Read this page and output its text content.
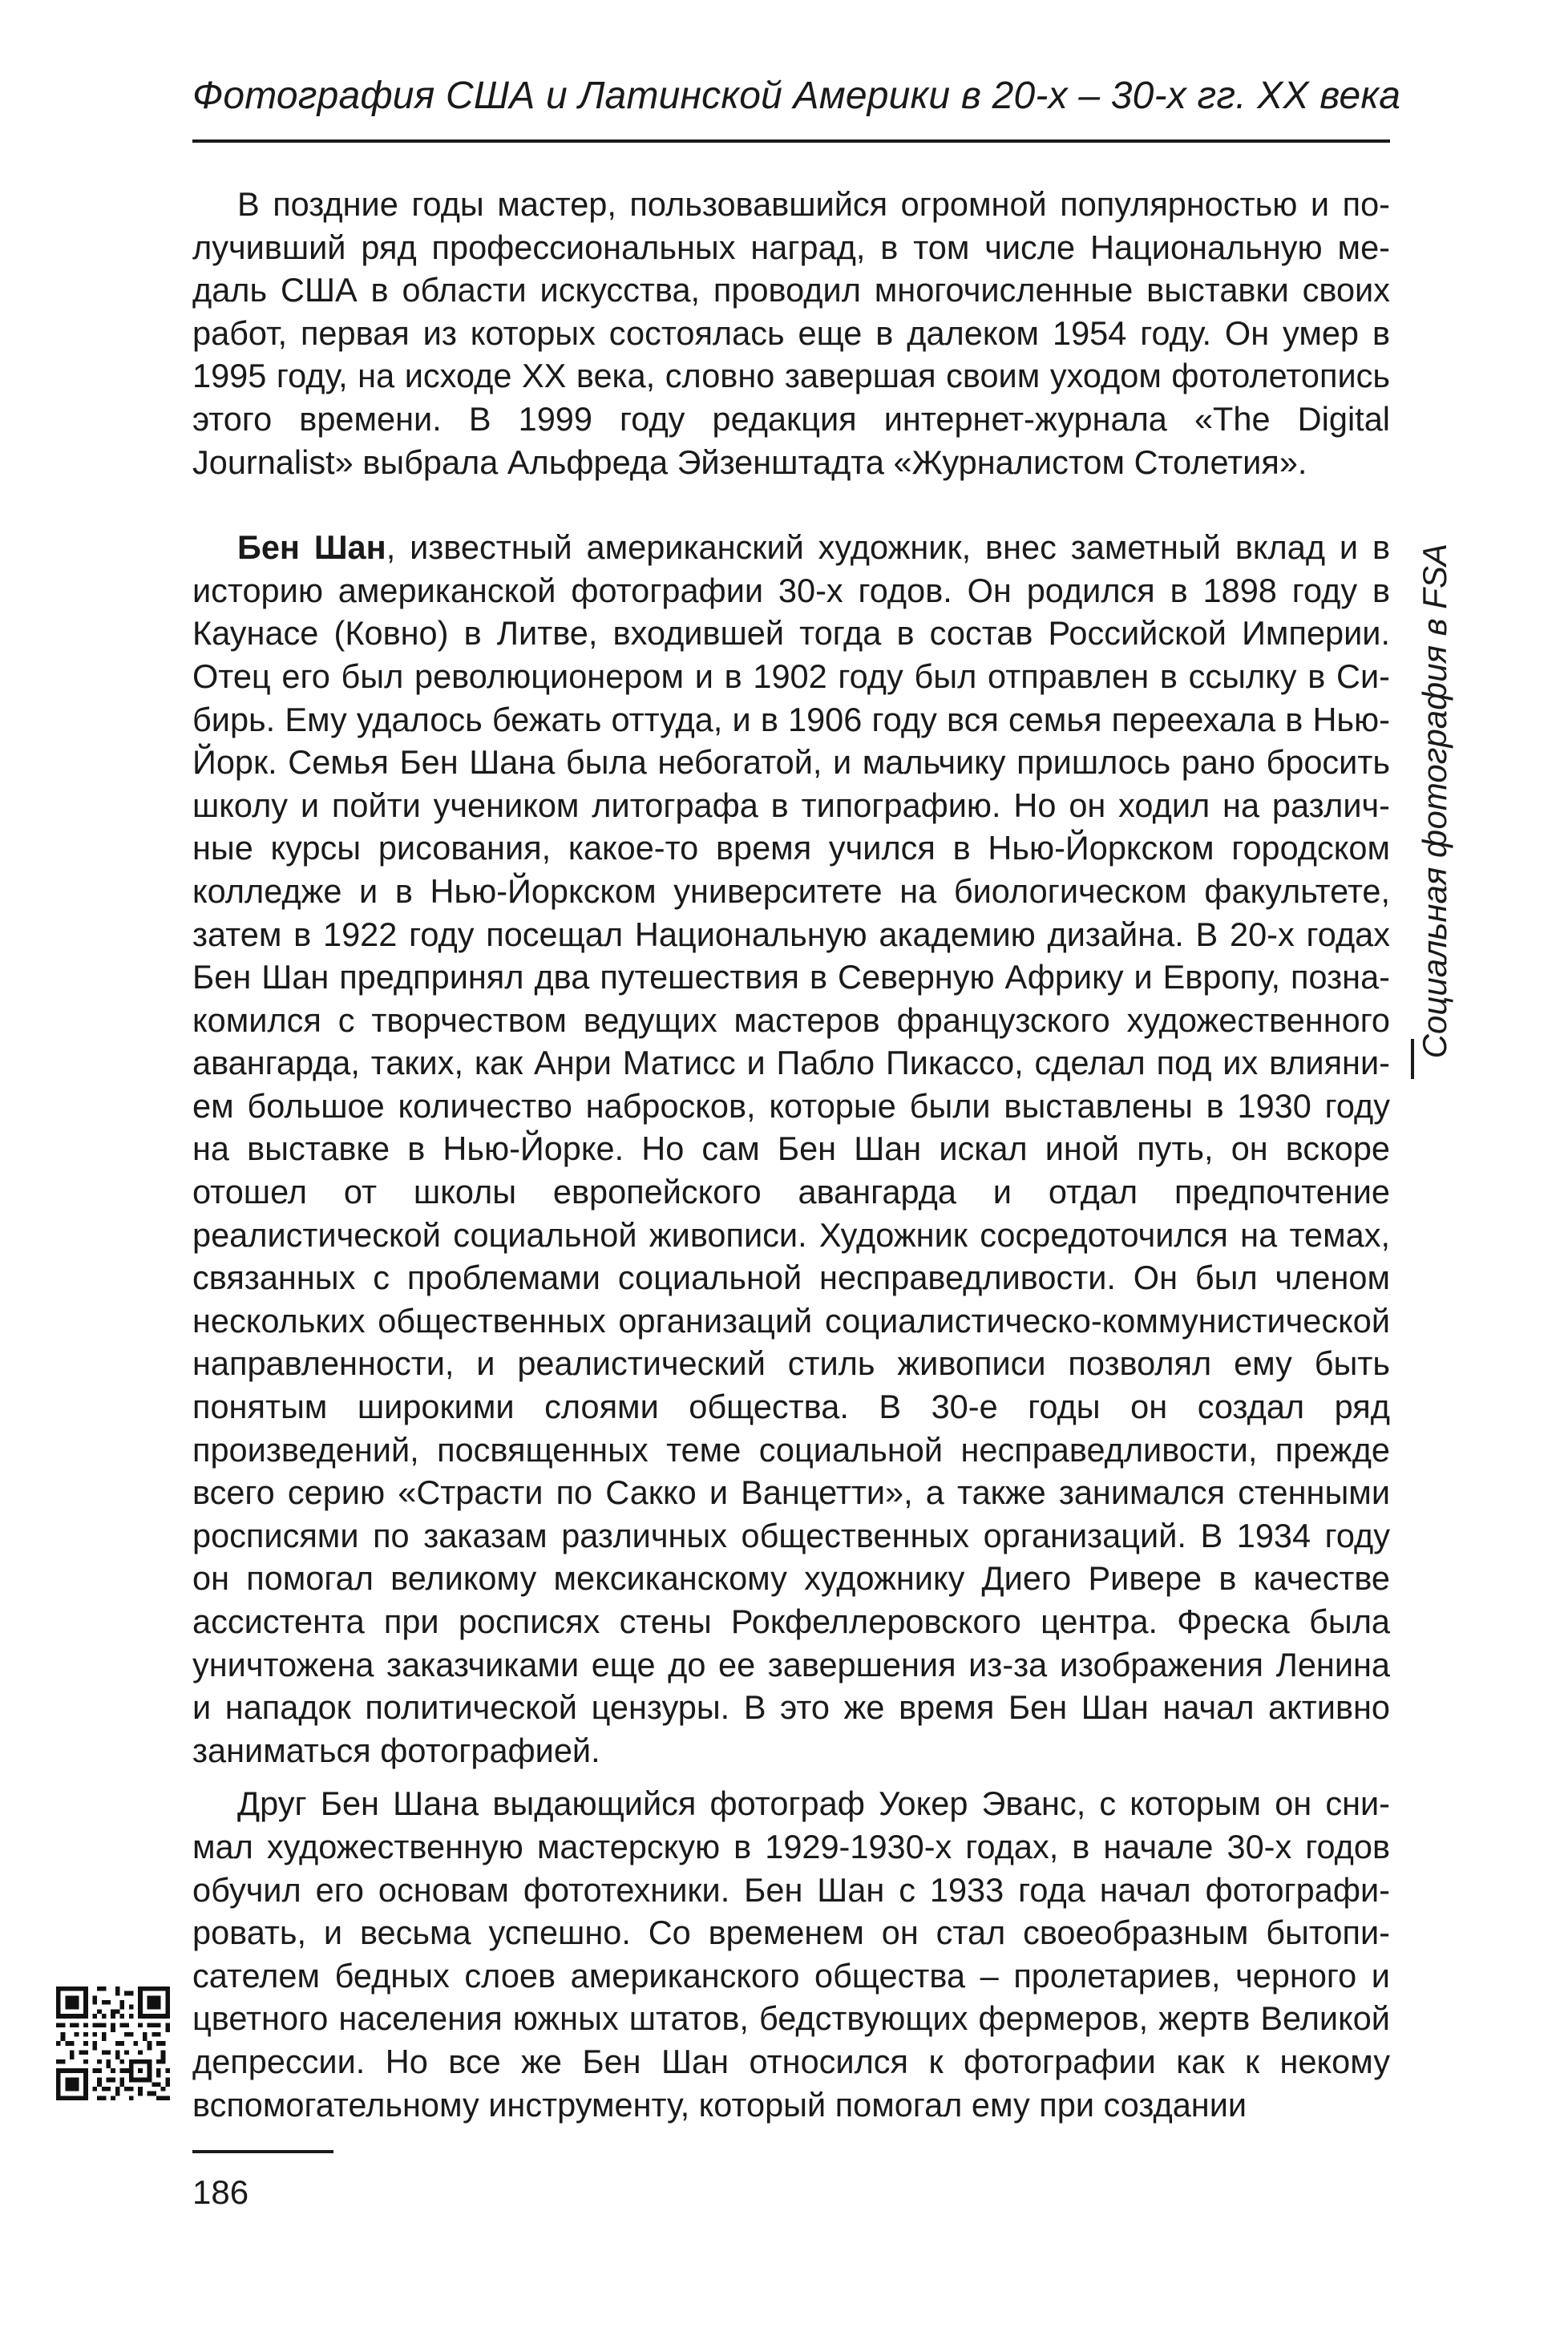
Фотография США и Латинской Америки в 20-х – 30-х гг. XX века

В поздние годы мастер, пользовавшийся огромной популярностью и получивший ряд профессиональных наград, в том числе Национальную медаль США в области искусства, проводил многочисленные выставки своих работ, первая из которых состоялась еще в далеком 1954 году. Он умер в 1995 году, на исходе XX века, словно завершая своим уходом фотолетопись этого времени. В 1999 году редакция интернет-журнала «The Digital Journalist» выбрала Альфреда Эйзенштадта «Журналистом Столетия».

Бен Шан, известный американский художник, внес заметный вклад и в историю американской фотографии 30-х годов. Он родился в 1898 году в Каунасе (Ковно) в Литве, входившей тогда в состав Российской Империи. Отец его был революционером и в 1902 году был отправлен в ссылку в Сибирь. Ему удалось бежать оттуда, и в 1906 году вся семья переехала в Нью-Йорк. Семья Бен Шана была небогатой, и мальчику пришлось рано бросить школу и пойти учеником литографа в типографию. Но он ходил на различные курсы рисования, какое-то время учился в Нью-Йоркском городском колледже и в Нью-Йоркском университете на биологическом факультете, затем в 1922 году посещал Национальную академию дизайна. В 20-х годах Бен Шан предпринял два путешествия в Северную Африку и Европу, познакомился с творчеством ведущих мастеров французского художественного авангарда, таких, как Анри Матисс и Пабло Пикассо, сделал под их влиянием большое количество набросков, которые были выставлены в 1930 году на выставке в Нью-Йорке. Но сам Бен Шан искал иной путь, он вскоре отошел от школы европейского авангарда и отдал предпочтение реалистической социальной живописи. Художник сосредоточился на темах, связанных с проблемами социальной несправедливости. Он был членом нескольких общественных организаций социалистическо-коммунистической направленности, и реалистический стиль живописи позволял ему быть понятым широкими слоями общества. В 30-е годы он создал ряд произведений, посвященных теме социальной несправедливости, прежде всего серию «Страсти по Сакко и Ванцетти», а также занимался стенными росписями по заказам различных общественных организаций. В 1934 году он помогал великому мексиканскому художнику Диего Ривере в качестве ассистента при росписях стены Рокфеллеровского центра. Фреска была уничтожена заказчиками еще до ее завершения из-за изображения Ленина и нападок политической цензуры. В это же время Бен Шан начал активно заниматься фотографией.

Друг Бен Шана выдающийся фотограф Уокер Эванс, с которым он снимал художественную мастерскую в 1929-1930-х годах, в начале 30-х годов обучил его основам фототехники. Бен Шан с 1933 года начал фотографировать, и весьма успешно. Со временем он стал своеобразным бытописателем бедных слоев американского общества – пролетариев, черного и цветного населения южных штатов, бедствующих фермеров, жертв Великой депрессии. Но все же Бен Шан относился к фотографии как к некому вспомогательному инструменту, который помогал ему при создании

Социальная фотография в FSA
186
